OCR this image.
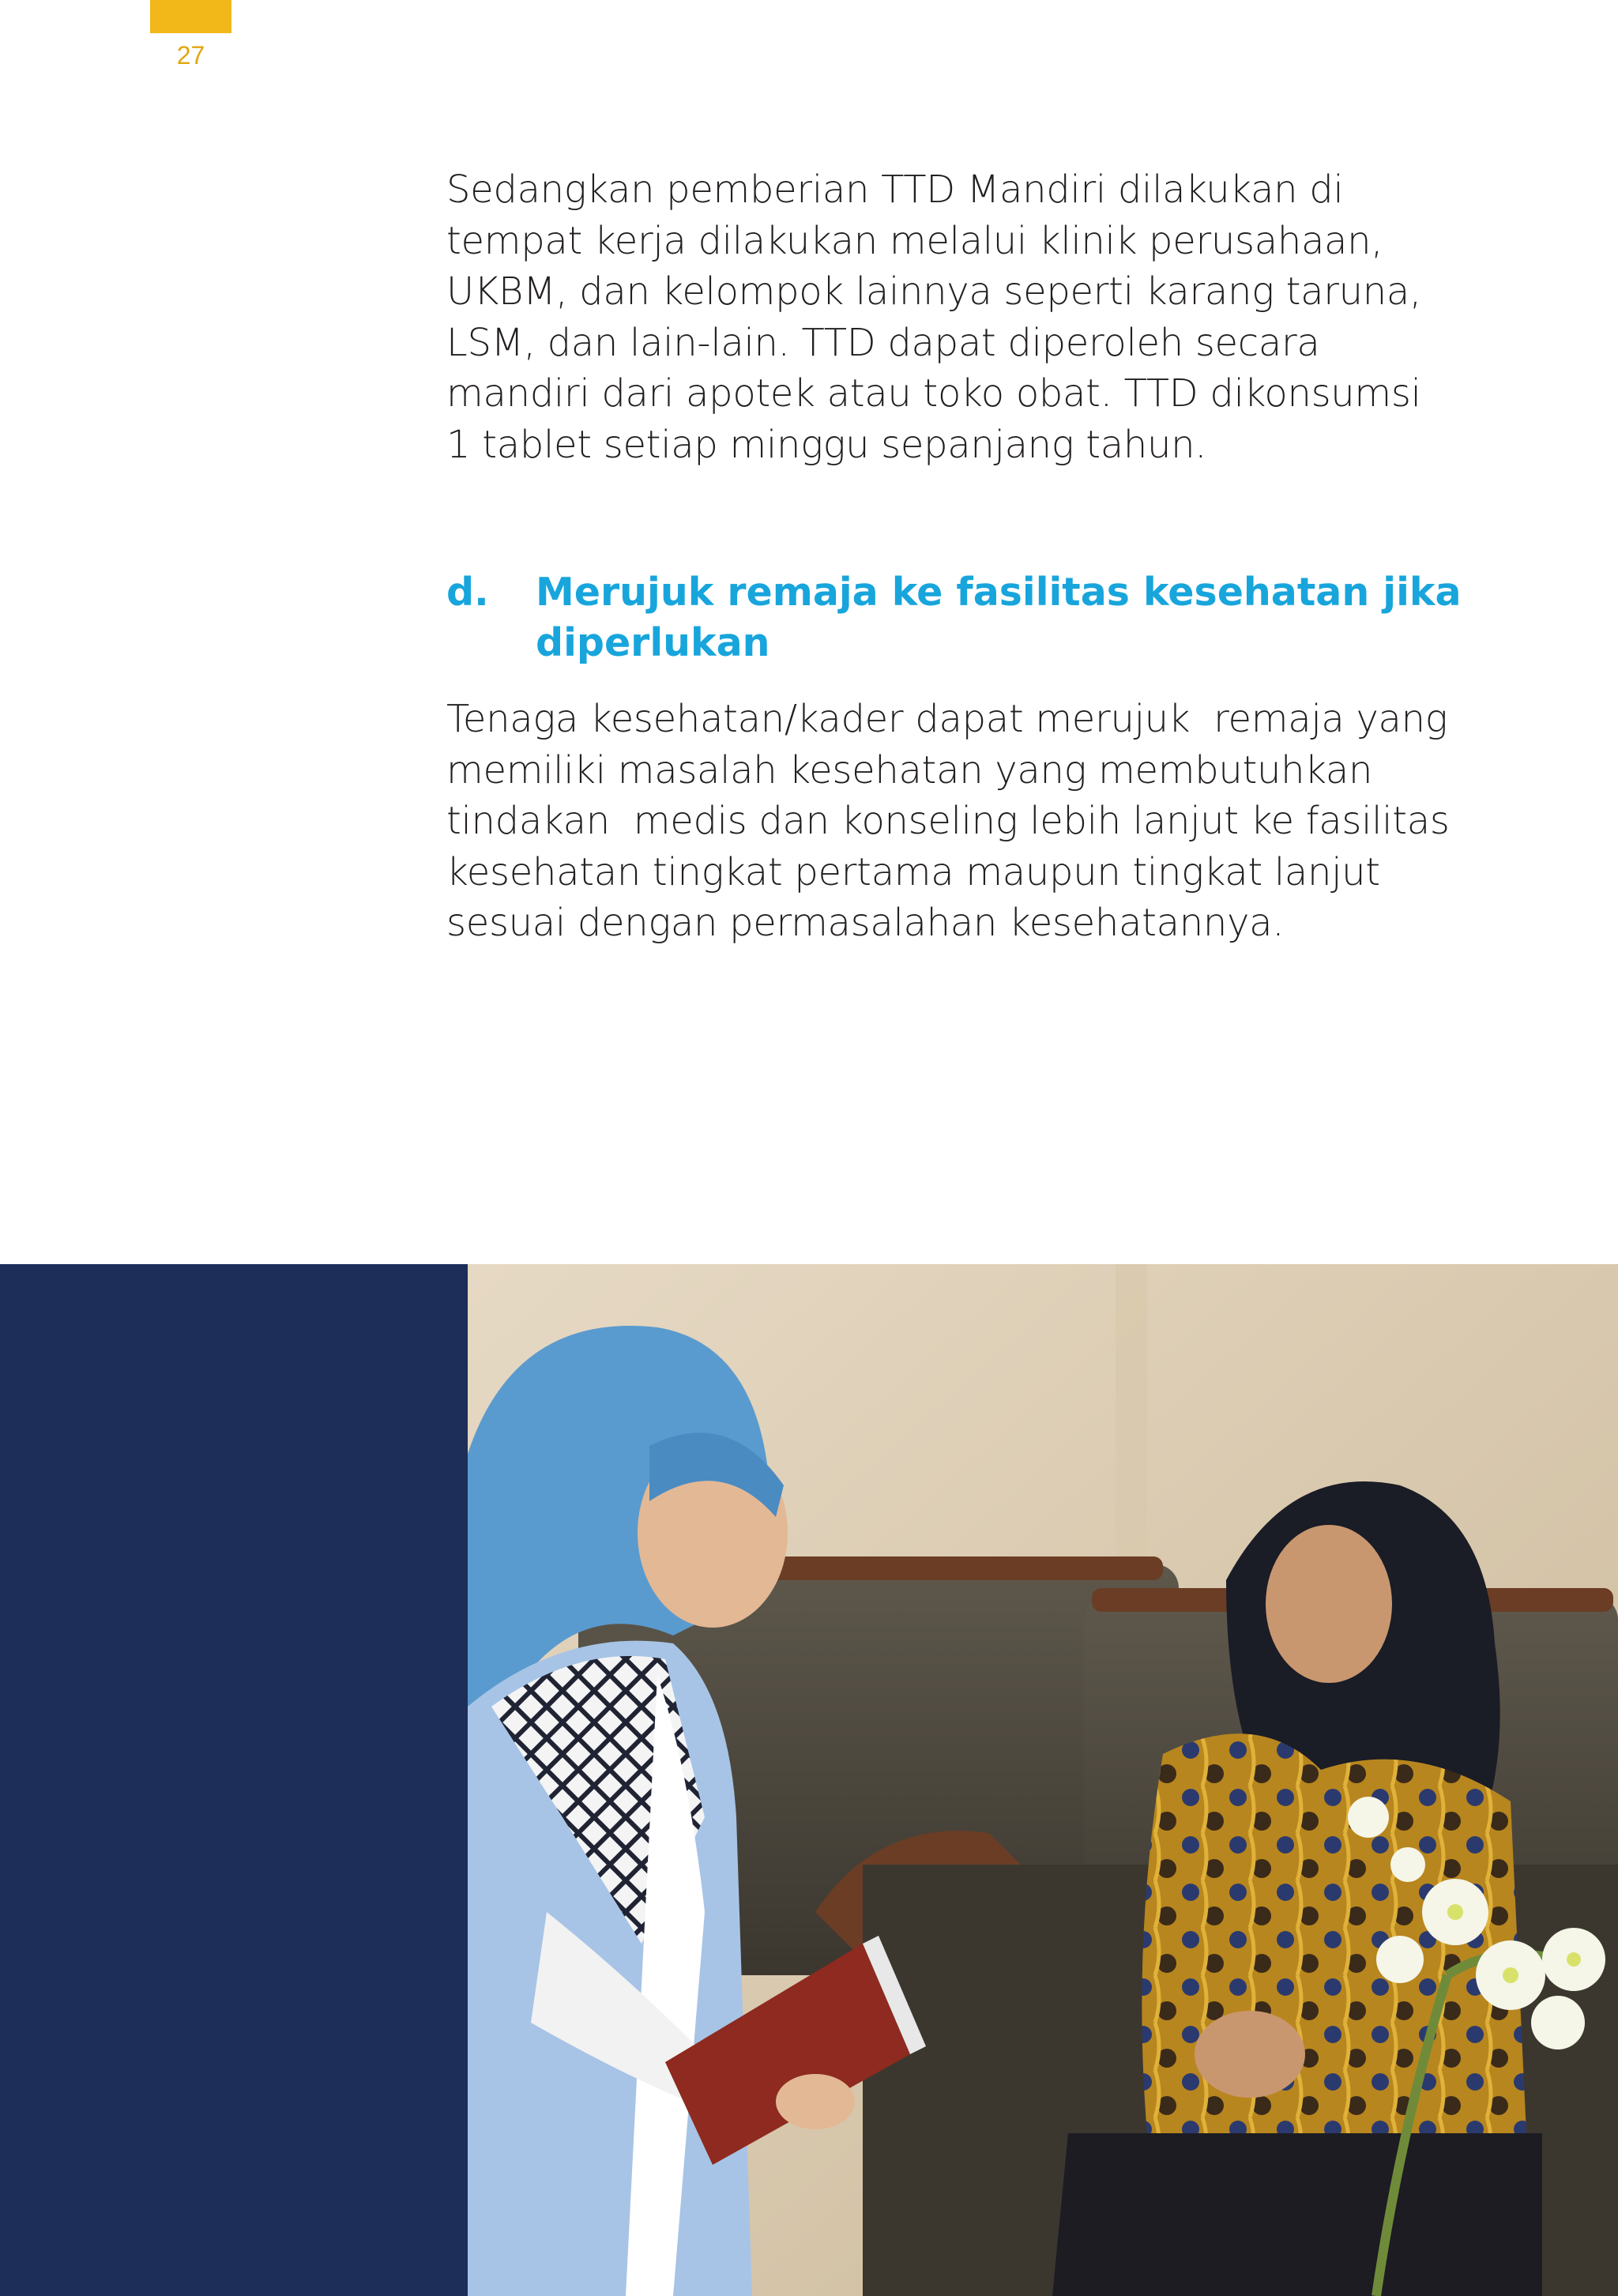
27
Sedangkan pemberian TTD Mandiri dilakukan di
tempat kerja dilakukan melalui klinik perusahaan,
UKBM, dan kelompok lainnya seperti karang taruna,
LSM, dan lain-lain. TTD dapat diperoleh secara
mandiri dari apotek atau toko obat. TTD dikonsumsi
1 tablet setiap minggu sepanjang tahun.
d. Merujuk remaja ke fasilitas kesehatan jika
diperlukan
Tenaga kesehatan/kader dapat merujuk  remaja yang
memiliki masalah kesehatan yang membutuhkan
tindakan  medis dan konseling lebih lanjut ke fasilitas
kesehatan tingkat pertama maupun tingkat lanjut
sesuai dengan permasalahan kesehatannya.
